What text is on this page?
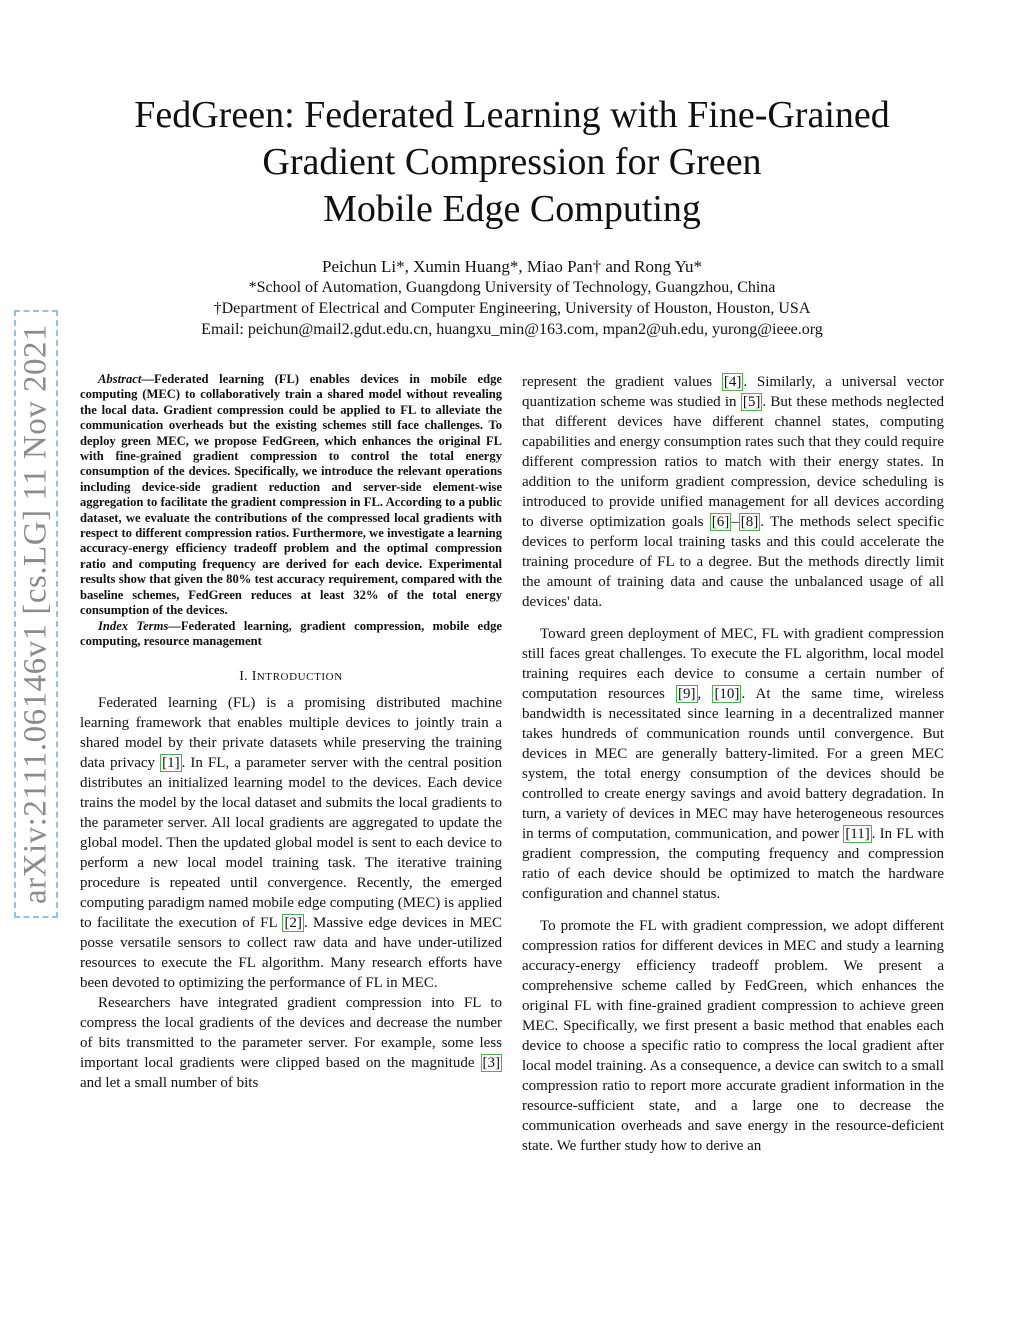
arXiv:2111.06146v1 [cs.LG] 11 Nov 2021
FedGreen: Federated Learning with Fine-Grained
Gradient Compression for Green
Mobile Edge Computing
Peichun Li*, Xumin Huang*, Miao Pan† and Rong Yu*
*School of Automation, Guangdong University of Technology, Guangzhou, China
†Department of Electrical and Computer Engineering, University of Houston, Houston, USA
Email: peichun@mail2.gdut.edu.cn, huangxu_min@163.com, mpan2@uh.edu, yurong@ieee.org

Abstract—Federated learning (FL) enables devices in mobile edge computing (MEC) to collaboratively train a shared model without revealing the local data. Gradient compression could be applied to FL to alleviate the communication overheads but the existing schemes still face challenges. To deploy green MEC, we propose FedGreen, which enhances the original FL with fine-grained gradient compression to control the total energy consumption of the devices. Specifically, we introduce the relevant operations including device-side gradient reduction and server-side element-wise aggregation to facilitate the gradient compression in FL. According to a public dataset, we evaluate the contributions of the compressed local gradients with respect to different compression ratios. Furthermore, we investigate a learning accuracy-energy efficiency tradeoff problem and the optimal compression ratio and computing frequency are derived for each device. Experimental results show that given the 80% test accuracy requirement, compared with the baseline schemes, FedGreen reduces at least 32% of the total energy consumption of the devices.

Index Terms—Federated learning, gradient compression, mobile edge computing, resource management

I. INTRODUCTION

Federated learning (FL) is a promising distributed machine learning framework that enables multiple devices to jointly train a shared model by their private datasets while preserving the training data privacy [1] . In FL, a parameter server with the central position distributes an initialized learning model to the devices. Each device trains the model by the local dataset and submits the local gradients to the parameter server. All local gradients are aggregated to update the global model. Then the updated global model is sent to each device to perform a new local model training task. The iterative training procedure is repeated until convergence. Recently, the emerged computing paradigm named mobile edge computing (MEC) is applied to facilitate the execution of FL [2] . Massive edge devices in MEC posse versatile sensors to collect raw data and have under-utilized resources to execute the FL algorithm. Many research efforts have been devoted to optimizing the performance of FL in MEC.

Researchers have integrated gradient compression into FL to compress the local gradients of the devices and decrease the number of bits transmitted to the parameter server. For example, some less important local gradients were clipped based on the magnitude [3] and let a small number of bits

represent the gradient values [4] . Similarly, a universal vector quantization scheme was studied in [5] . But these methods neglected that different devices have different channel states, computing capabilities and energy consumption rates such that they could require different compression ratios to match with their energy states. In addition to the uniform gradient compression, device scheduling is introduced to provide unified management for all devices according to diverse optimization goals [6] – [8] . The methods select specific devices to perform local training tasks and this could accelerate the training procedure of FL to a degree. But the methods directly limit the amount of training data and cause the unbalanced usage of all devices' data.

Toward green deployment of MEC, FL with gradient compression still faces great challenges. To execute the FL algorithm, local model training requires each device to consume a certain number of computation resources [9] , [10] . At the same time, wireless bandwidth is necessitated since learning in a decentralized manner takes hundreds of communication rounds until convergence. But devices in MEC are generally battery-limited. For a green MEC system, the total energy consumption of the devices should be controlled to create energy savings and avoid battery degradation. In turn, a variety of devices in MEC may have heterogeneous resources in terms of computation, communication, and power [11] . In FL with gradient compression, the computing frequency and compression ratio of each device should be optimized to match the hardware configuration and channel status.

To promote the FL with gradient compression, we adopt different compression ratios for different devices in MEC and study a learning accuracy-energy efficiency tradeoff problem. We present a comprehensive scheme called by FedGreen, which enhances the original FL with fine-grained gradient compression to achieve green MEC. Specifically, we first present a basic method that enables each device to choose a specific ratio to compress the local gradient after local model training. As a consequence, a device can switch to a small compression ratio to report more accurate gradient information in the resource-sufficient state, and a large one to decrease the communication overheads and save energy in the resource-deficient state. We further study how to derive an
